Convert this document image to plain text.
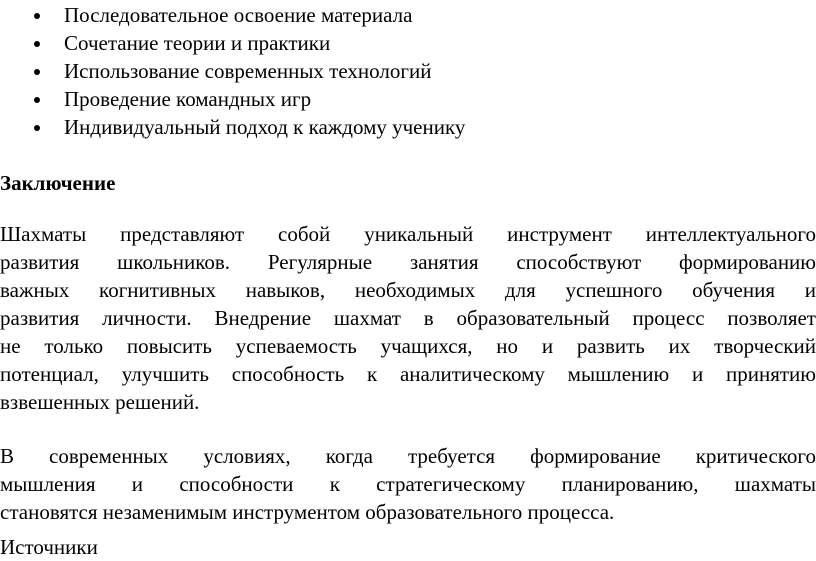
Последовательное освоение материала
Сочетание теории и практики
Использование современных технологий
Проведение командных игр
Индивидуальный подход к каждому ученику
Заключение
Шахматы представляют собой уникальный инструмент интеллектуального
развития школьников. Регулярные занятия способствуют формированию
важных когнитивных навыков, необходимых для успешного обучения и
развития личности. Внедрение шахмат в образовательный процесс позволяет
не только повысить успеваемость учащихся, но и развить их творческий
потенциал, улучшить способность к аналитическому мышлению и принятию
взвешенных решений.
В современных условиях, когда требуется формирование критического
мышления и способности к стратегическому планированию, шахматы
становятся незаменимым инструментом образовательного процесса.
Источники
